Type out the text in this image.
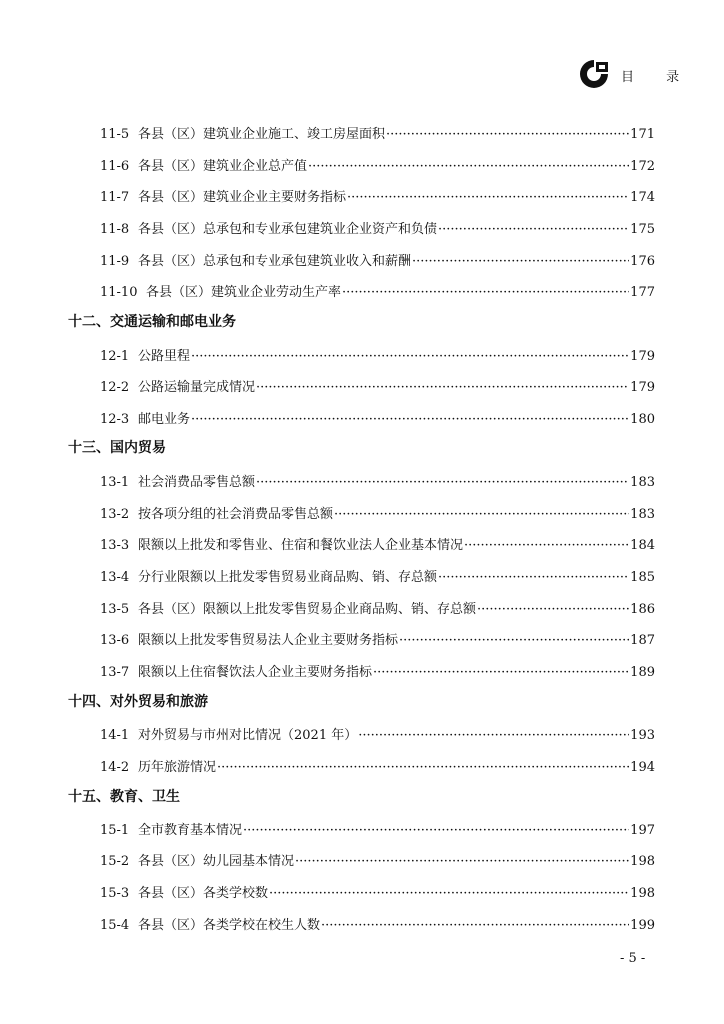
目 录
11-5 各县（区）建筑业企业施工、竣工房屋面积 ·····	171
11-6 各县（区）建筑业企业总产值 ·····	172
11-7 各县（区）建筑业企业主要财务指标 ·····	174
11-8 各县（区）总承包和专业承包建筑业企业资产和负债 ·····	175
11-9 各县（区）总承包和专业承包建筑业收入和薪酬 ·····	176
11-10 各县（区）建筑业企业劳动生产率 ·····	177
十二、交通运输和邮电业务
12-1 公路里程 ·····	179
12-2 公路运输量完成情况 ·····	179
12-3 邮电业务 ·····	180
十三、国内贸易
13-1 社会消费品零售总额 ·····	183
13-2 按各项分组的社会消费品零售总额 ·····	183
13-3 限额以上批发和零售业、住宿和餐饮业法人企业基本情况 ·····	184
13-4 分行业限额以上批发零售贸易业商品购、销、存总额 ·····	185
13-5 各县（区）限额以上批发零售贸易企业商品购、销、存总额 ·····	186
13-6 限额以上批发零售贸易法人企业主要财务指标 ·····	187
13-7 限额以上住宿餐饮法人企业主要财务指标 ·····	189
十四、对外贸易和旅游
14-1 对外贸易与市州对比情况（2021 年） ·····	193
14-2 历年旅游情况 ·····	194
十五、教育、卫生
15-1 全市教育基本情况 ·····	197
15-2 各县（区）幼儿园基本情况 ·····	198
15-3 各县（区）各类学校数 ·····	198
15-4 各县（区）各类学校在校生人数 ·····	199
- 5 -
